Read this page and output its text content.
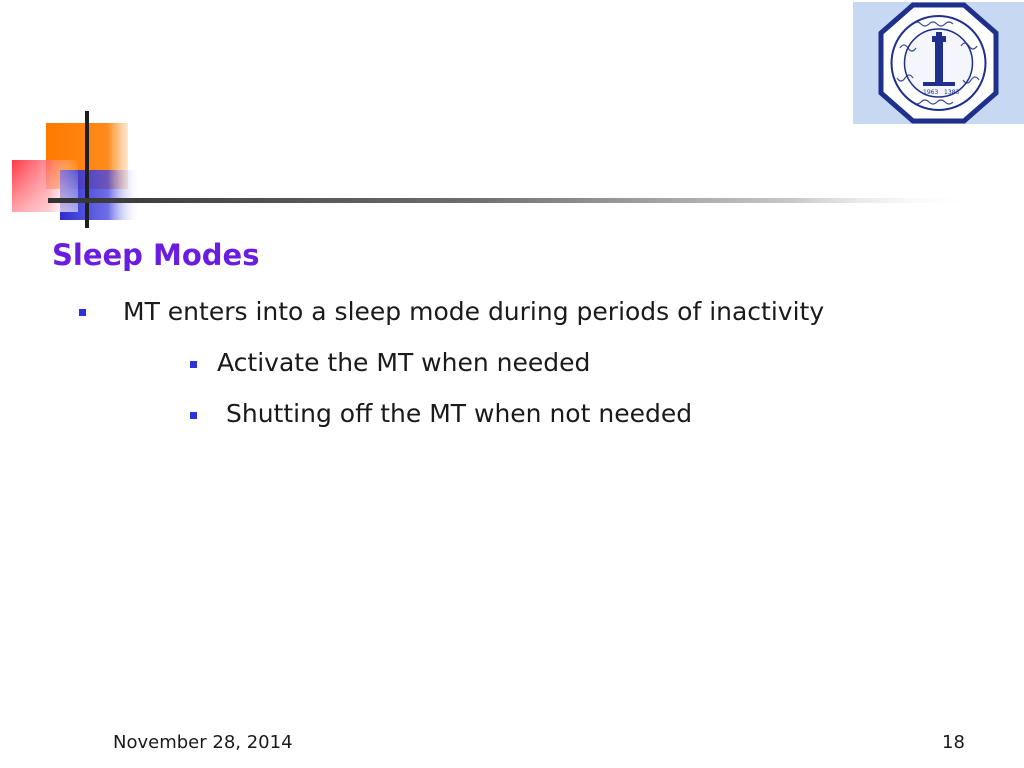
1963 1383
Sleep Modes
MT enters into a sleep mode during periods of inactivity
Activate the MT when needed
Shutting off the MT when not needed
November 28, 2014	18
